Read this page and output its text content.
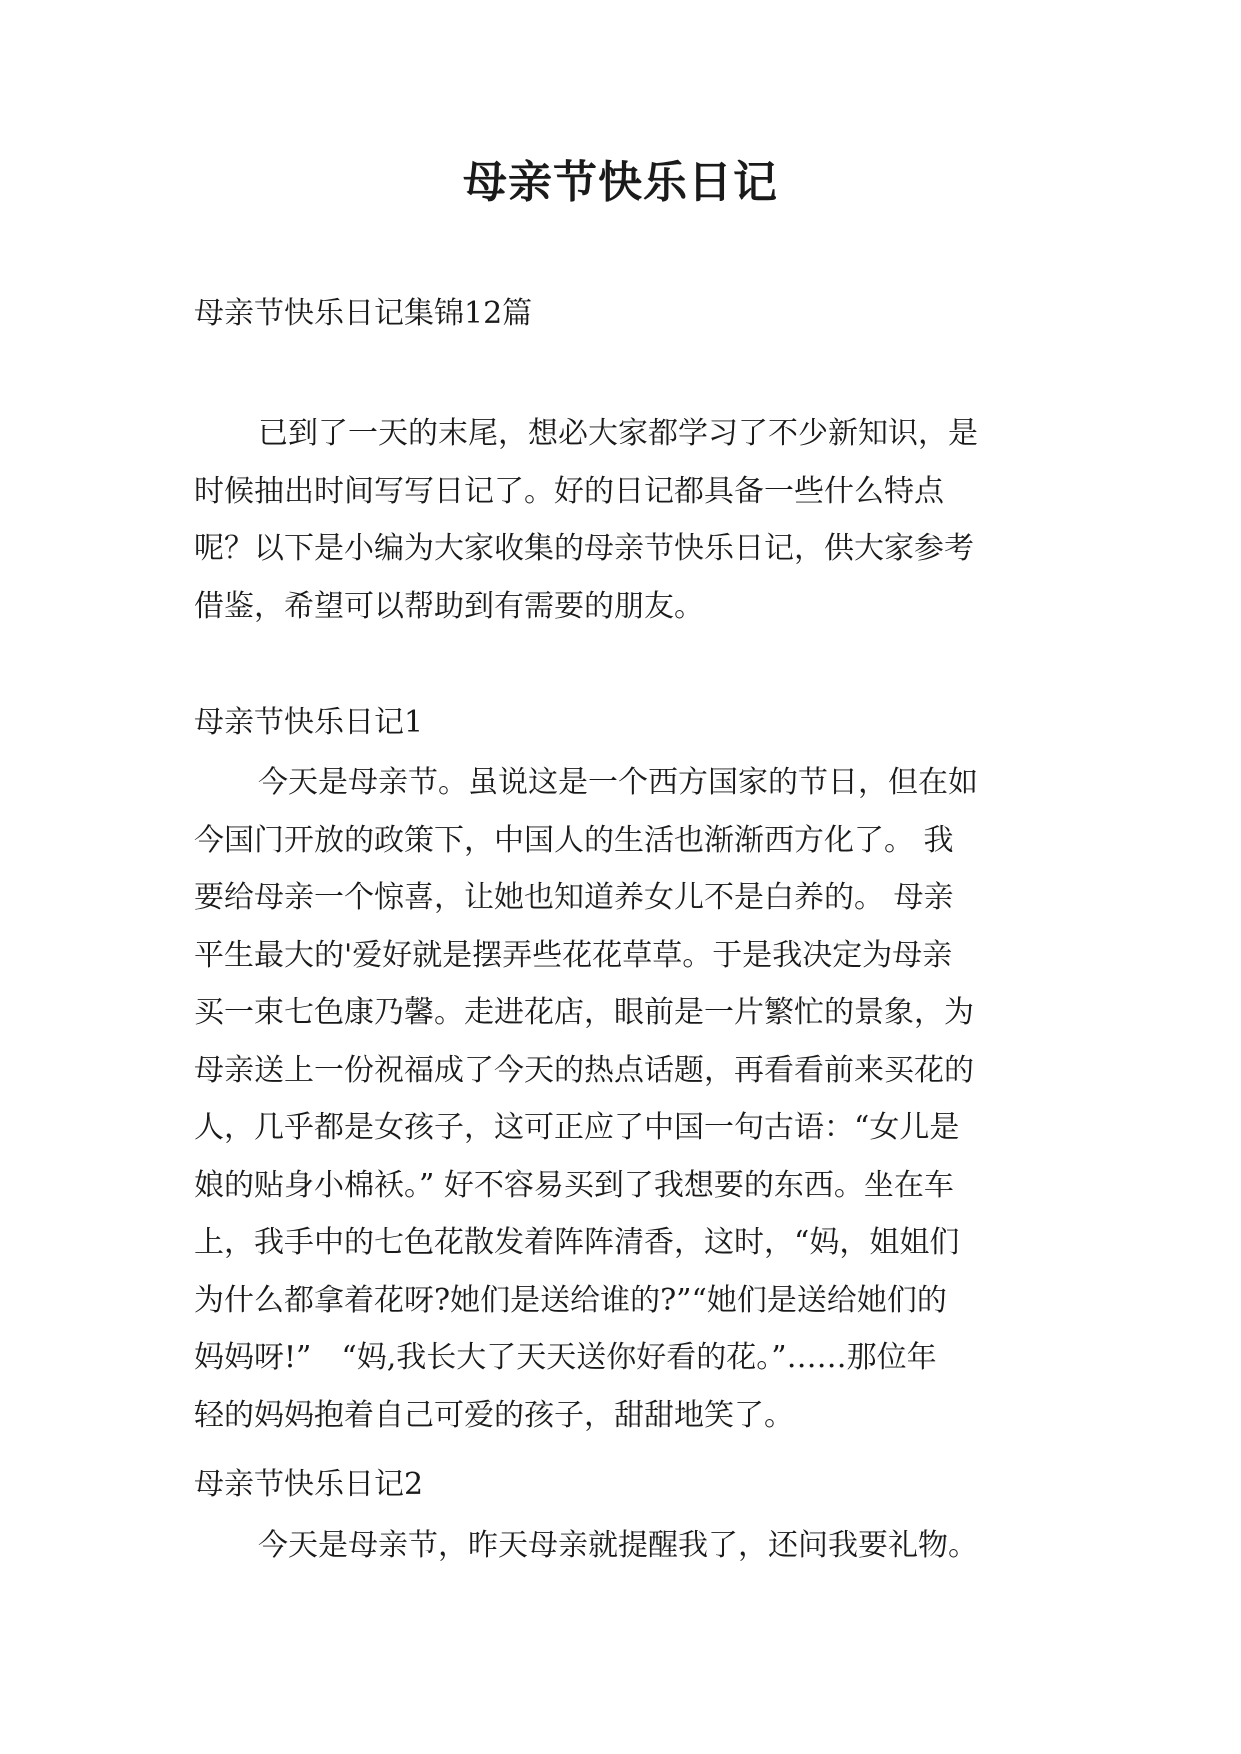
母亲节快乐日记

母亲节快乐日记集锦12篇

已到了一天的末尾，想必大家都学习了不少新知识，是
时候抽出时间写写日记了。好的日记都具备一些什么特点
呢？以下是小编为大家收集的母亲节快乐日记，供大家参考
借鉴，希望可以帮助到有需要的朋友。

母亲节快乐日记1

今天是母亲节。虽说这是一个西方国家的节日，但在如
今国门开放的政策下，中国人的生活也渐渐西方化了。 我
要给母亲一个惊喜，让她也知道养女儿不是白养的。 母亲
平生最大的'爱好就是摆弄些花花草草。于是我决定为母亲
买一束七色康乃馨。走进花店，眼前是一片繁忙的景象，为
母亲送上一份祝福成了今天的热点话题，再看看前来买花的
人，几乎都是女孩子，这可正应了中国一句古语：“女儿是
娘的贴身小棉袄。” 好不容易买到了我想要的东西。坐在车
上，我手中的七色花散发着阵阵清香，这时，“妈，姐姐们
为什么都拿着花呀?她们是送给谁的?”“她们是送给她们的
妈妈呀!”　“妈,我长大了天天送你好看的花。”……那位年
轻的妈妈抱着自己可爱的孩子，甜甜地笑了。

母亲节快乐日记2

今天是母亲节，昨天母亲就提醒我了，还问我要礼物。
